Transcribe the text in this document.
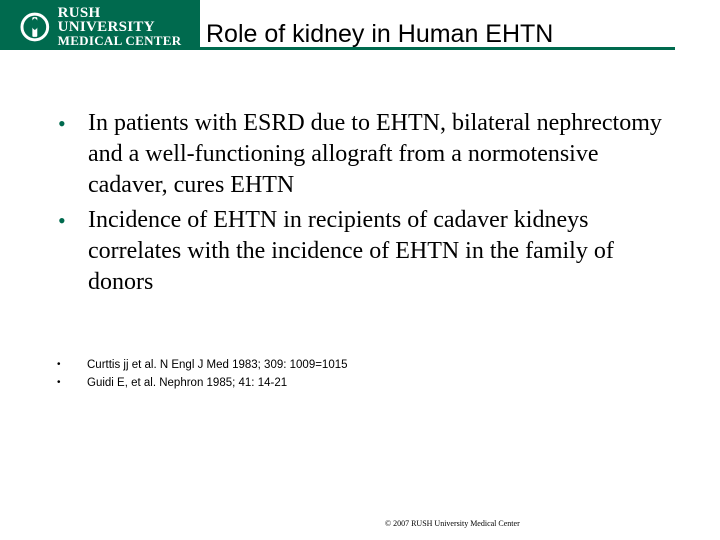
RUSH UNIVERSITY
MEDICAL CENTER Role of kidney in Human EHTN
• In patients with ESRD due to EHTN, bilateral nephrectomy and a well-functioning allograft from a normotensive cadaver, cures EHTN
• Incidence of EHTN in recipients of cadaver kidneys correlates with the incidence of EHTN in the family of donors
• Curttis jj et al. N Engl J Med 1983; 309: 1009=1015
• Guidi E, et al. Nephron 1985; 41: 14-21
© 2007 RUSH University Medical Center
